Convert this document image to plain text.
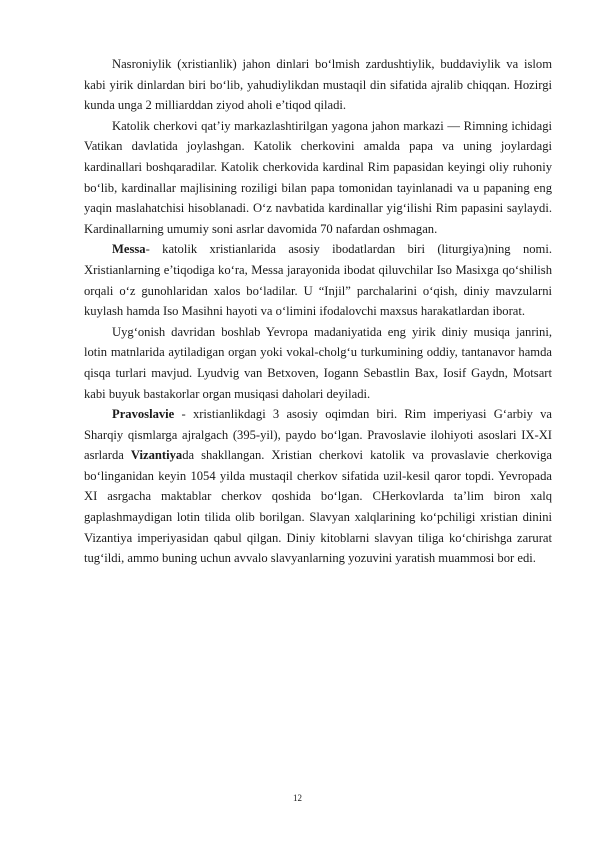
Nasroniylik (xristianlik) jahon dinlari bo‘lmish zardushtiylik, buddaviylik va islom kabi yirik dinlardan biri bo‘lib, yahudiylikdan mustaqil din sifatida ajralib chiqqan. Hozirgi kunda unga 2 milliarddan ziyod aholi e’tiqod qiladi.

Katolik cherkovi qat’iy markazlashtirilgan yagona jahon markazi — Rimning ichidagi Vatikan davlatida joylashgan. Katolik cherkovini amalda papa va uning joylardagi kardinallari boshqaradilar. Katolik cherkovida kardinal Rim papasidan keyingi oliy ruhoniy bo‘lib, kardinallar majlisining roziligi bilan papa tomonidan tayinlanadi va u papaning eng yaqin maslahatchisi hisoblanadi. O‘z navbatida kardinallar yig‘ilishi Rim papasini saylaydi. Kardinallarning umumiy soni asrlar davomida 70 nafardan oshmagan.

Messa- katolik xristianlarida asosiy ibodatlardan biri (liturgiya)ning nomi. Xristianlarning e’tiqodiga ko‘ra, Messa jarayonida ibodat qiluvchilar Iso Masixga qo‘shilish orqali o‘z gunohlaridan xalos bo‘ladilar. U “Injil” parchalarini o‘qish, diniy mavzularni kuylash hamda Iso Masihni hayoti va o‘limini ifodalovchi maxsus harakatlardan iborat.

Uyg‘onish davridan boshlab Yevropa madaniyatida eng yirik diniy musiqa janrini, lotin matnlarida aytiladigan organ yoki vokal-cholg‘u turkumining oddiy, tantanavor hamda qisqa turlari mavjud. Lyudvig van Betxoven, Iogann Sebastlin Bax, Iosif Gaydn, Motsart kabi buyuk bastakorlar organ musiqasi daholari deyiladi.

Pravoslavie - xristianlikdagi 3 asosiy oqimdan biri. Rim imperiyasi G‘arbiy va Sharqiy qismlarga ajralgach (395-yil), paydo bo‘lgan. Pravoslavie ilohiyoti asoslari IX-XI asrlarda Vizantiyada shakllangan. Xristian cherkovi katolik va provaslavie cherkoviga bo‘linganidan keyin 1054 yilda mustaqil cherkov sifatida uzil-kesil qaror topdi. Yevropada XI asrgacha maktablar cherkov qoshida bo‘lgan. CHerkovlarda ta’lim biron xalq gaplashmaydigan lotin tilida olib borilgan. Slavyan xalqlarining ko‘pchiligi xristian dinini Vizantiya imperiyasidan qabul qilgan. Diniy kitoblarni slavyan tiliga ko‘chirishga zarurat tug‘ildi, ammo buning uchun avvalo slavyanlarning yozuvini yaratish muammosi bor edi.

12
